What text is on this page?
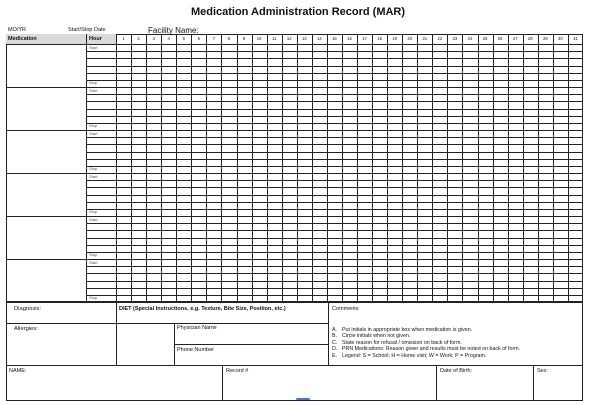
Medication Administration Record (MAR)
MO/YR	Start/Stop Date	Facility Name:
Medication	Hour	1	2	3	4	5	6	7	8	9	10	11	12	13	14	15	16	17	18	19	20	21	22	23	24	25	26	27	28	29	30	31
Start
Stop
Start
Stop
Start
Stop
Start
Stop
Start
Stop
Start
Stop
Diagnosis:	DIET (Special Instructions, e.g. Texture, Bite Size, Position, etc.)	Comments
Allergies:	Physician Name
Phone Number
A. Put initials in appropriate box when medication is given.
B. Circle initials when not given.
C. State reason for refusal / omission on back of form.
D. PRN Medications: Reason given and results must be noted on back of form.
E. Legend: S = School; H = Home visit; W = Work; P = Program.
NAME:	Record #	Date of Birth:	Sex:
